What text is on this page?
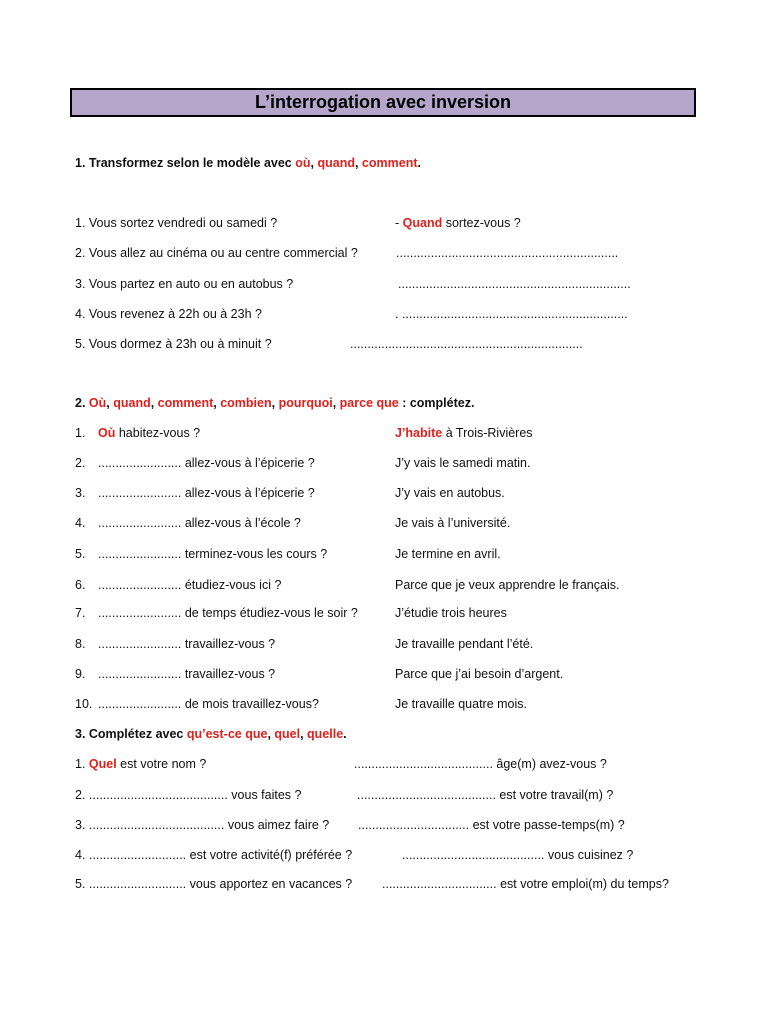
L’interrogation avec inversion
1. Transformez selon le modèle avec où, quand, comment.
1. Vous sortez vendredi ou samedi ?	- Quand sortez-vous ?
2. Vous allez au cinéma ou au centre commercial ?	................................................................
3. Vous partez en auto ou en autobus ?	...................................................................
4. Vous revenez à 22h ou à 23h ?	. .................................................................
5. Vous dormez à 23h ou à minuit ?	...................................................................
2. Où, quand, comment, combien, pourquoi, parce que : complétez.
1. Où habitez-vous ?	J’habite à Trois-Rivières
2. ........................ allez-vous à l’épicerie ?	J’y vais le samedi matin.
3. ........................ allez-vous à l’épicerie ?	J’y vais en autobus.
4. ........................ allez-vous à l’école ?	Je vais à l’université.
5. ........................ terminez-vous les cours ?	Je termine en avril.
6. ........................ étudiez-vous ici ?	Parce que je veux apprendre le français.
7. ........................ de temps étudiez-vous le soir ?	J’étudie trois heures
8. ........................ travaillez-vous ?	Je travaille pendant l’été.
9. ........................ travaillez-vous ?	Parce que j’ai besoin d’argent.
10. ........................ de mois travaillez-vous?	Je travaille quatre mois.
3. Complétez avec qu’est-ce que, quel, quelle.
1. Quel est votre nom ?	........................................ âge(m) avez-vous ?
2. ........................................ vous faites ?	........................................ est votre travail(m) ?
3. ....................................... vous aimez faire ? ................................ est votre passe-temps(m) ?
4. ............................ est votre activité(f) préférée ?	......................................... vous cuisinez ?
5. ............................ vous apportez en vacances ? ................................. est votre emploi(m) du temps?
